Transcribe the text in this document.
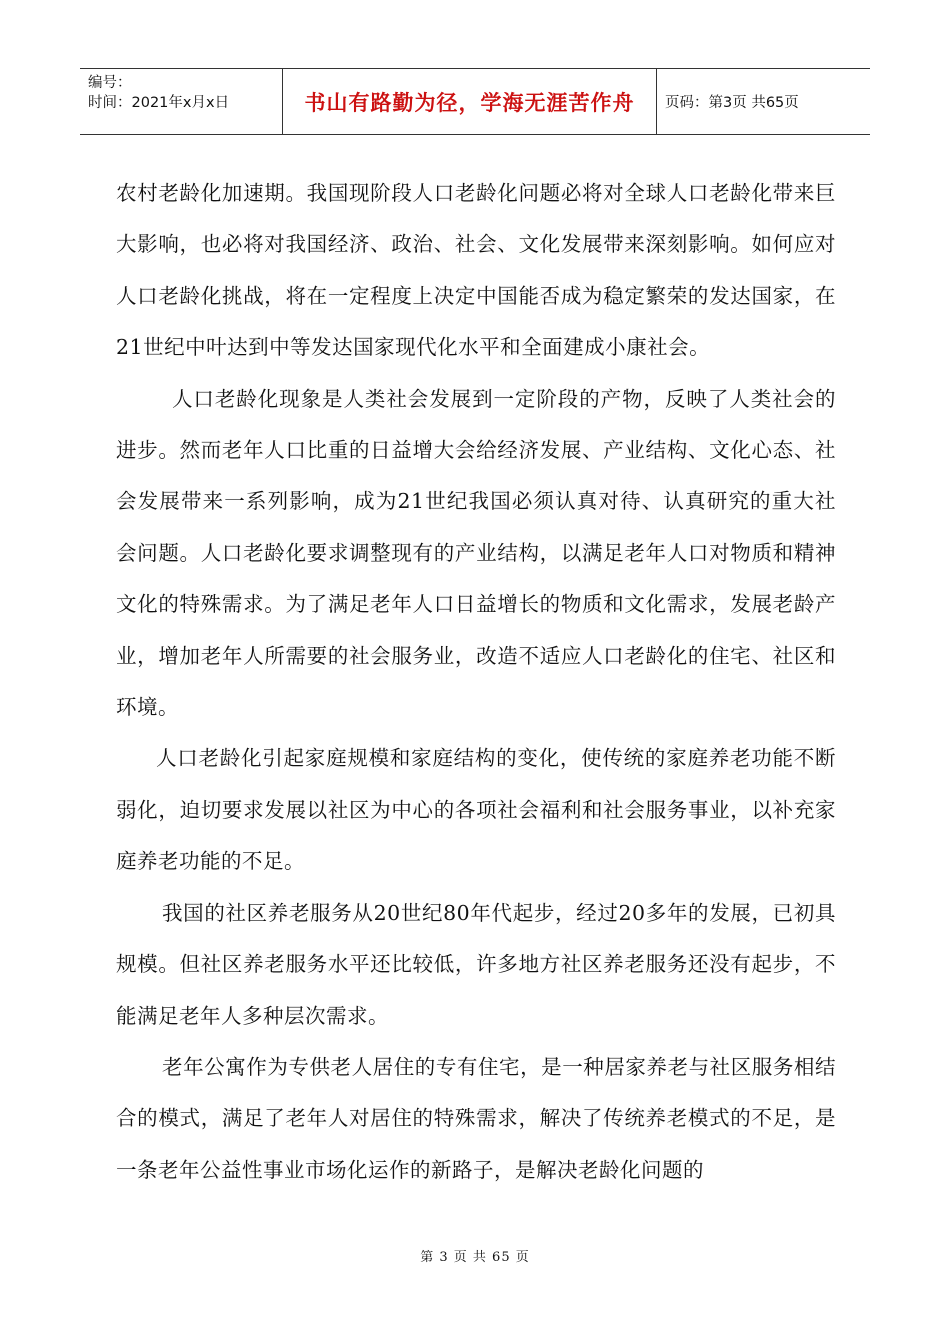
编号：
时间：2021年x月x日	书山有路勤为径，学海无涯苦作舟 页码：第3页 共65页

农村老龄化加速期。我国现阶段人口老龄化问题必将对全球人口老龄化带来巨大影响，也必将对我国经济、政治、社会、文化发展带来深刻影响。如何应对人口老龄化挑战，将在一定程度上决定中国能否成为稳定繁荣的发达国家，在21世纪中叶达到中等发达国家现代化水平和全面建成小康社会。

人口老龄化现象是人类社会发展到一定阶段的产物，反映了人类社会的进步。然而老年人口比重的日益增大会给经济发展、产业结构、文化心态、社会发展带来一系列影响，成为21世纪我国必须认真对待、认真研究的重大社会问题。人口老龄化要求调整现有的产业结构，以满足老年人口对物质和精神文化的特殊需求。为了满足老年人口日益增长的物质和文化需求，发展老龄产业，增加老年人所需要的社会服务业，改造不适应人口老龄化的住宅、社区和环境。

人口老龄化引起家庭规模和家庭结构的变化，使传统的家庭养老功能不断弱化，迫切要求发展以社区为中心的各项社会福利和社会服务事业，以补充家庭养老功能的不足。

我国的社区养老服务从20世纪80年代起步，经过20多年的发展，已初具规模。但社区养老服务水平还比较低，许多地方社区养老服务还没有起步，不能满足老年人多种层次需求。

老年公寓作为专供老人居住的专有住宅，是一种居家养老与社区服务相结合的模式，满足了老年人对居住的特殊需求，解决了传统养老模式的不足，是一条老年公益性事业市场化运作的新路子，是解决老龄化问题的

第 3 页 共 65 页
